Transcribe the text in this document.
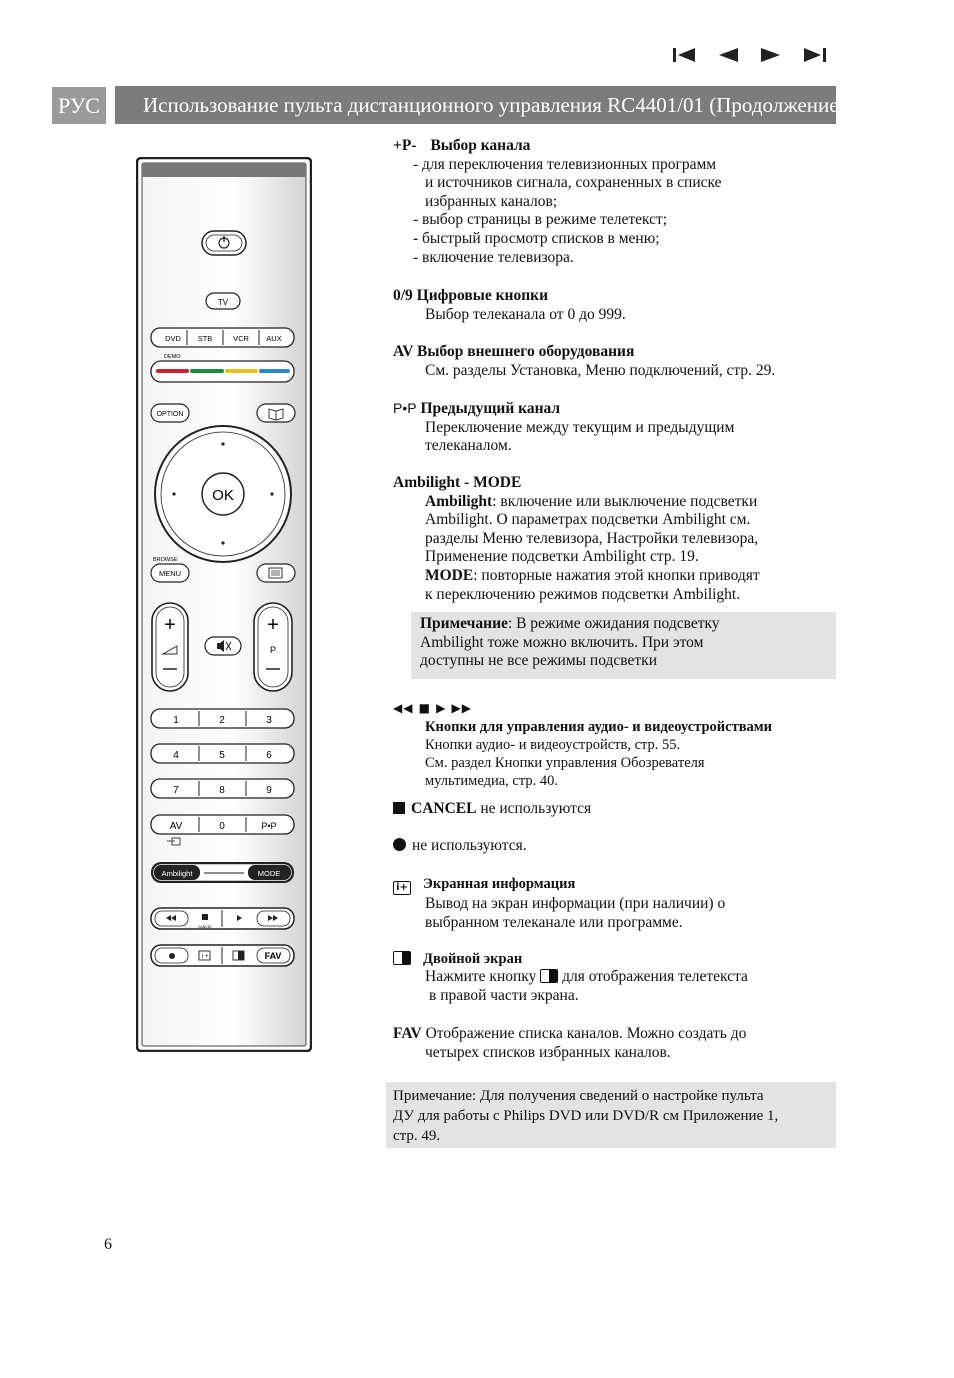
РУС	Использование пульта дистанционного управления RC4401/01 (Продолжение)
TV
DVD STB	VCR AUX
DEMO
OPTION
OK
BROWSE
MENU
+	+
P
1	2	3
4	5	6
7	8	9
AV	0	P•P
Ambilight	MODE
CANCEL
i +	FAV
+P- Выбор канала
- для переключения телевизионных программ
и источников сигнала, сохраненных в списке
избранных каналов;
- выбор страницы в режиме телетекст;
- быстрый просмотр списков в меню;
- включение телевизора.
0/9 Цифровые кнопки
Выбор телеканала от 0 до 999.
AV Выбор внешнего оборудования
См. разделы Установка, Меню подключений, стр. 29.
P•P Предыдущий канал
Переключение между текущим и предыдущим
телеканалом.
Ambilight - MODE
Ambilight: включение или выключение подсветки
Ambilight. О параметрах подсветки Ambilight см.
разделы Меню телевизора, Настройки телевизора,
Применение подсветки Ambilight стр. 19.
MODE: повторные нажатия этой кнопки приводят
к переключению режимов подсветки Ambilight.
Примечание: В режиме ожидания подсветку
Ambilight тоже можно включить. При этом
доступны не все режимы подсветки
◀◀ ■ ▶ ▶▶
Кнопки для управления аудио- и видеоустройствами
Кнопки аудио- и видеоустройств, стр. 55.
См. раздел Кнопки управления Обозревателя
мультимедиа, стр. 40.
CANCEL не используются
не используются.
i+ Экранная информация
Вывод на экран информации (при наличии) о
выбранном телеканале или программе.
Двойной экран
Нажмите кнопку для отображения телетекста
в правой части экрана.
FAV Отображение списка каналов. Можно создать до
четырех списков избранных каналов.
Примечание: Для получения сведений о настройке пульта
ДУ для работы с Philips DVD или DVD/R см Приложение 1,
стр. 49.
6
